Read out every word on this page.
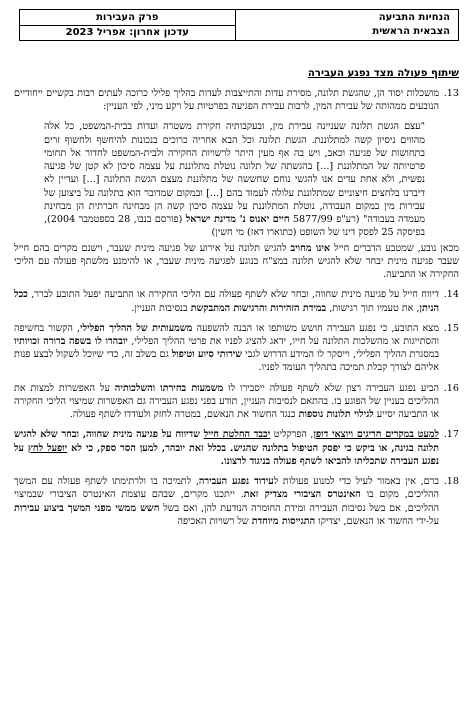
הנחיות התביעה
הצבאית הראשית
פרק העבירות
עדכון אחרון: אפריל 2023
שיתוף פעולה מצד נפגע העבירה
13.
מושכלות יסוד הן, שהגשת תלונה, מסירת עדות והתייצבות לעדות בהליך פלילי כרוכה לעתים רבות בקשיים ייחודיים הנובעים ממהותה של עבירת המין, לרבות עבירת הפגיעה בפרטיות על רקע מיני, לפי העניין:
"עצם הגשת תלונה שעניינה עבירת מין, ובעקבותיה חקירת משטרה ועדות בבית-המשפט, כל אלה מהווים ניסיון קשה למתלוננת. הגשת תלונה וכל הבא אחריה כרוכים בנכונות להיחשף ולחשוף זרים בתחושות של פגיעה וכאב, ויש בה אף מעין היתר לרשויות החקירה ולבית-המשפט לחדור אל תחומי פרטיותה של המתלוננת [...] בהגשתה של תלונה נוטלת מתלוננת על עצמה סיכון לא קטן של פגיעה נפשית, ולא אחת עדים אנו להגשי נוחם שחששה של מתלוננת מעצם הגשת התלונה [...] ועדיין לא דיברנו בלחצים חיצוניים שמתלוננת עלולה לעמוד בהם [...] ובמקום שמדובר הוא בתלונה על ביצוען של עבירות מין במקום העבודה, נוטלת המתלוננת על עצמה סיכון קשה הן מבחינה חברתית הן מבחינת מעמדה בעבודה" (רע"פ 5877/99 חיים יאנוס נ' מדינת ישראל (פורסם בנבו, 28 בספטמבר 2004), בפיסקה 25 לפסק דינו של השופט (כתוארו דאז) מי חשין)
מכאן נובע, שמטבע הדברים חייל אינו מחויב להגיש תלונה על אירוע של פגיעה מינית שעבר, וישנם מקרים בהם חייל שעבר פגיעה מינית יבחר שלא להגיש תלונה במצ"ח בנוגע לפגיעה מינית שעבר, או להימנע מלשתף פעולה עם הליכי החקירה או התביעה.
14.
דיווח חייל על פגיעה מינית שחווה, ובחר שלא לשתף פעולה עם הליכי החקירה או התביעה יפעל התובע לברר, ככל הניתן, את טעמיו תוך רגישות, במידת הזהירות והרגישות המתבקשת בנסיבות העניין.
15.
מצא התובע, כי נפגע העבירה חושש משותפו או הבנה להשפעה משמעותית של ההליך הפלילי, הקשור בחשיפה והסתייגות או מהשלכות התלונה על חייו, ידאג להציג לפניו את פרטי ההליך הפלילי, יובהרו לו בשפה ברורה זכויותיו במסגרת ההליך הפלילי, וייסקר לו המידע הדרוש לגבי שירותי סיוע וטיפול גם בשלב זה, כדי שיוכל לשקול לבצע פנות אליהם לצורך קבלת תמיכה בתהליך העומד לפניו.
16.
הביע נפגע העבירה רצון שלא לשתף פעולה ייסבירו לו משמעות בחירתו והשלכותיה על האפשרות למצות את ההליכים בעניין של הפוגע בו. בהתאם לנסיבות העניין, תודע בפני נפגע העבירה גם האפשרות שמיצוי הליכי החקירה או התביעה יסייע לגילוי תלונות נוספות כנגד החשוד את הנאשם, במטרה לחזק ולעודדו לשתף פעולה.
17.
למעט במקרים חריגים ויוצאי דופן, הפרקליט יכבד החלטת חייל שדיווח על פגיעה מינית שחווה, ובחר שלא להגיש תלונה בגינה, או ביקש כי יפסק הטיפול בתלונה שהגיש. בכלל זאת יובהר, למען הסר ספק, כי לא יופעל לחץ על נפגע העבירה שתכליתו להביאו לשתף פעולה בניגוד לרצונו.
18.
ברם, אין באמור לעיל כדי למנוע פעולות לעידוד נפגע העבירה, לתמיכה בו ולרתימתו לשתף פעולה עם המשך ההליכים, מקום בו האינטרס הציבורי מצדיק זאת. ייתכנו מקרים, שבהם עוצמת האינטרס הציבורי שבמיצוי ההליכים, אם בשל נסיבות העבירה ומידת החומרה הנודעת להן, ואם בשל חשש ממשי מפני המשך ביצוע עבירות על-ידי החשוד או הנאשם, יצדיקו התגייסות מיוחדת של רשויות האכיפה
